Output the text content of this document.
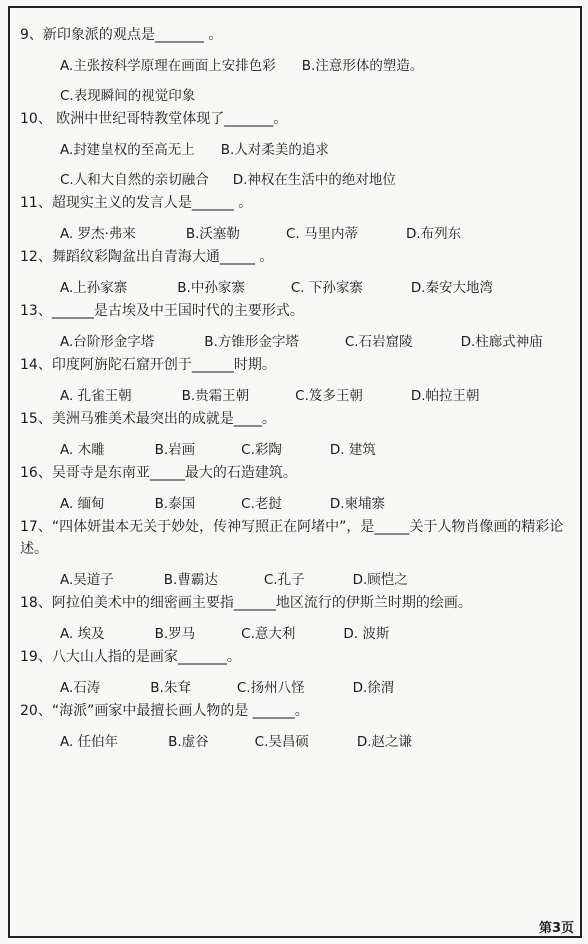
9、新印象派的观点是_______ 。
A.主张按科学原理在画面上安排色彩 B.注意形体的塑造。
C.表现瞬间的视觉印象
10、 欧洲中世纪哥特教堂体现了_______。
A.封建皇权的至高无上 B.人对柔美的追求
C.人和大自然的亲切融合 D.神权在生活中的绝对地位
11、超现实主义的发言人是______ 。
A. 罗杰·弗来	B.沃塞勒	C. 马里内蒂	D.布列东
12、舞蹈纹彩陶盆出自青海大通_____ 。
A.上孙家寨	B.中孙家寨	C. 下孙家寨	D.秦安大地湾
13、______是古埃及中王国时代的主要形式。
A.台阶形金字塔	B.方锥形金字塔	C.石岩窟陵	D.柱廊式神庙
14、印度阿旃陀石窟开创于______时期。
A. 孔雀王朝	B.贵霜王朝	C.笈多王朝	D.帕拉王朝
15、美洲马雅美术最突出的成就是____。
A. 木雕	B.岩画	C.彩陶	D. 建筑
16、吴哥寺是东南亚_____最大的石造建筑。
A. 缅甸	B.泰国	C.老挝	D.柬埔寨
17、“四体妍蚩本无关于妙处，传神写照正在阿堵中”，是_____关于人物肖像画的精彩论述。
A.吴道子	B.曹霸达	C.孔子	D.顾恺之
18、阿拉伯美术中的细密画主要指______地区流行的伊斯兰时期的绘画。
A. 埃及	B.罗马	C.意大利	D. 波斯
19、八大山人指的是画家_______。
A.石涛	B.朱耷	C.扬州八怪	D.徐渭
20、“海派”画家中最擅长画人物的是 ______。
A. 任伯年	B.虚谷	C.吴昌硕	D.赵之谦
第3页
